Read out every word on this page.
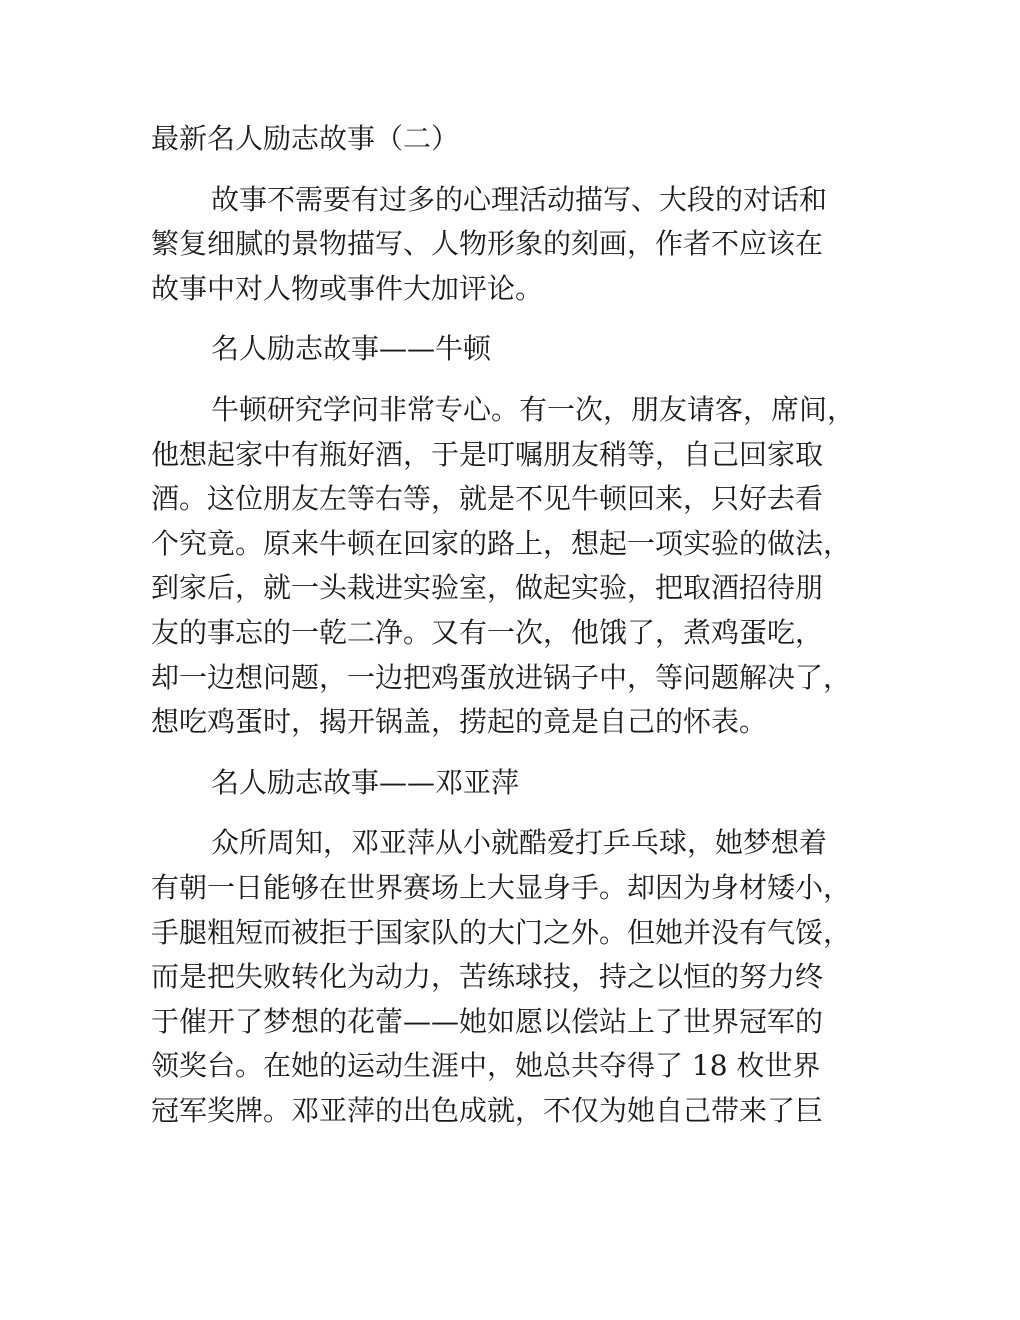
最新名人励志故事（二）
故事不需要有过多的心理活动描写、大段的对话和
繁复细腻的景物描写、人物形象的刻画，作者不应该在
故事中对人物或事件大加评论。
名人励志故事——牛顿
牛顿研究学问非常专心。有一次，朋友请客，席间，
他想起家中有瓶好酒，于是叮嘱朋友稍等，自己回家取
酒。这位朋友左等右等，就是不见牛顿回来，只好去看
个究竟。原来牛顿在回家的路上，想起一项实验的做法，
到家后，就一头栽进实验室，做起实验，把取酒招待朋
友的事忘的一乾二净。又有一次，他饿了，煮鸡蛋吃，
却一边想问题，一边把鸡蛋放进锅子中，等问题解决了，
想吃鸡蛋时，揭开锅盖，捞起的竟是自己的怀表。
名人励志故事——邓亚萍
众所周知，邓亚萍从小就酷爱打乒乓球，她梦想着
有朝一日能够在世界赛场上大显身手。却因为身材矮小，
手腿粗短而被拒于国家队的大门之外。但她并没有气馁，
而是把失败转化为动力，苦练球技，持之以恒的努力终
于催开了梦想的花蕾——她如愿以偿站上了世界冠军的
领奖台。在她的运动生涯中，她总共夺得了 18 枚世界
冠军奖牌。邓亚萍的出色成就，不仅为她自己带来了巨
